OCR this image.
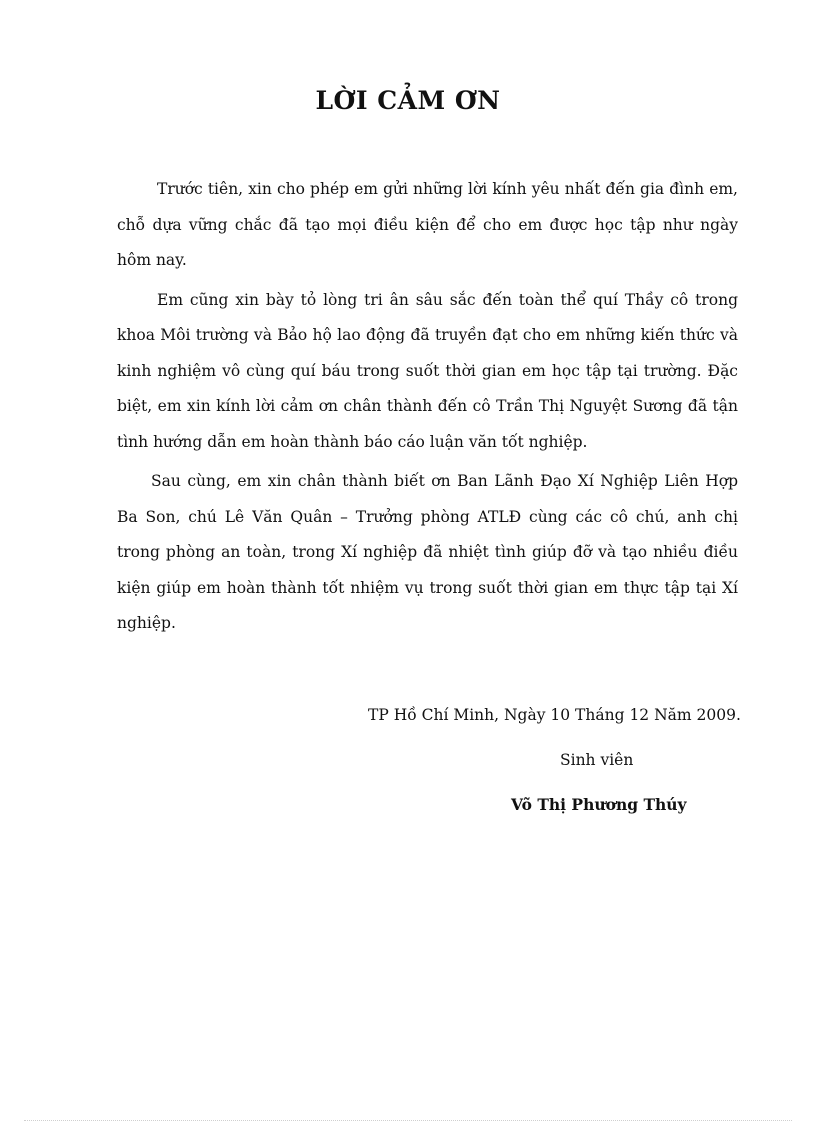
LỜI CẢM ƠN

Trước tiên, xin cho phép em gửi những lời kính yêu nhất đến gia đình em, chỗ dựa vững chắc đã tạo mọi điều kiện để cho em được học tập như ngày hôm nay.

Em cũng xin bày tỏ lòng tri ân sâu sắc đến toàn thể quí Thầy cô trong khoa Môi trường và Bảo hộ lao động đã truyền đạt cho em những kiến thức và kinh nghiệm vô cùng quí báu trong suốt thời gian em học tập tại trường. Đặc biệt, em xin kính lời cảm ơn chân thành đến cô Trần Thị Nguyệt Sương đã tận tình hướng dẫn em hoàn thành báo cáo luận văn tốt nghiệp.

Sau cùng, em xin chân thành biết ơn Ban Lãnh Đạo Xí Nghiệp Liên Hợp Ba Son, chú Lê Văn Quân – Trưởng phòng ATLĐ cùng các cô chú, anh chị trong phòng an toàn, trong Xí nghiệp đã nhiệt tình giúp đỡ và tạo nhiều điều kiện giúp em hoàn thành tốt nhiệm vụ trong suốt thời gian em thực tập tại Xí nghiệp.

TP Hồ Chí Minh, Ngày 10 Tháng 12 Năm 2009.
Sinh viên
Võ Thị Phương Thúy
